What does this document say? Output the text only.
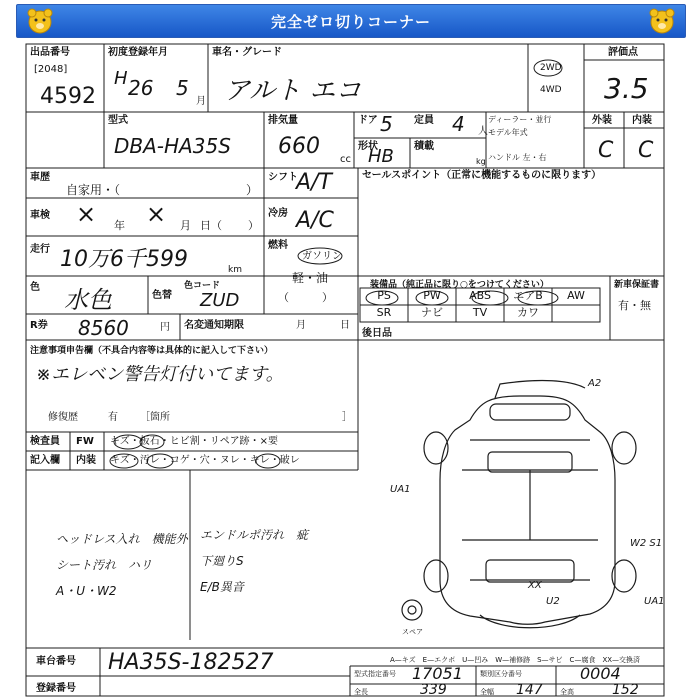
完全ゼロ切りコーナー
出品番号
[2048]
4592
初度登録年月
H 26 5
月
車名・グレード
アルト エコ
2WD
4WD
評価点
3.5
型式
DBA-HA35S
排気量
660
cc
ドア 5 定員 4 人
ディーラー・並行
モデル年式
ハンドル 左・右
形状
HB 積載
kg
外装 内装
C C
車歴
自家用・（	）
シフト
A/T	セールスポイント（正常に機能するものに限ります）
車検 × 年 × 月 日（ ）
冷房 A/C
走行 10万6千599	km
燃料
ガソリン
軽・油
（　　　）
色 水色	色替
色コード
ZUD
装備品（純正品に限り○をつけてください）
PS	PW	ABS	エアB	AW
SR	ナビ	TV	カワ
新車保証書
有・無
R券 8560	円 名変通知期限	月	日
後日品
注意事項申告欄（不具合内容等は具体的に記入して下さい）
※エレベン警告灯付いてます。
修復歴	有 ［箇所	］
検査員 FW キズ・板石・ヒビ割・リペア跡・×要
記入欄 内装 キズ・汚レ・コゲ・穴・ヌレ・キレ・破レ
ヘッドレス入れ　機能外
シート汚れ　ハリ
A・U・W2
エンドルポ汚れ　疵
下廻りS
E/B異音
A2
UA1
W2 S1
UA1
XX
U2
スペア
車台番号 HA35S-182527	A—キズ　E—エクボ　U—凹み　W—補修跡　S—サビ　C—腐食　XX—交換済
登録番号
型式指定番号 17051 類別区分番号	0004
全長	339	全幅 147 全高	152
